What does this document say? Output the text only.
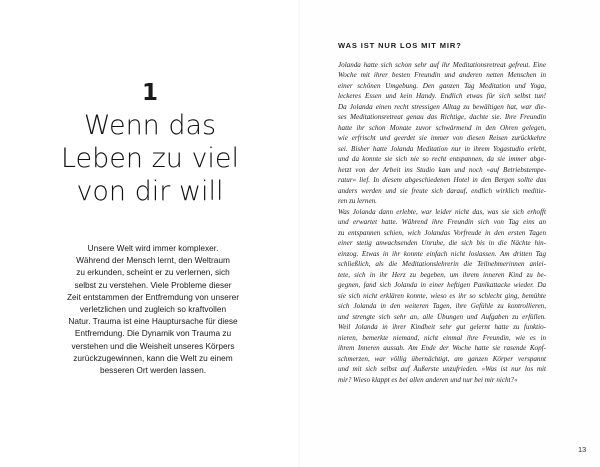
1
Wenn das
Leben zu viel
von dir will
Unsere Welt wird immer komplexer.
Während der Mensch lernt, den Weltraum
zu erkunden, scheint er zu verlernen, sich
selbst zu verstehen. Viele Probleme dieser
Zeit entstammen der Entfremdung von unserer
verletzlichen und zugleich so kraftvollen
Natur. Trauma ist eine Hauptursache für diese
Entfremdung. Die Dynamik von Trauma zu
verstehen und die Weisheit unseres Körpers
zurückzugewinnen, kann die Welt zu einem
besseren Ort werden lassen.
WAS IST NUR LOS MIT MIR?
Jolanda hatte sich schon sehr auf ihr Meditationsretreat gefreut. Eine
Woche mit ihrer besten Freundin und anderen netten Menschen in
einer schönen Umgebung. Den ganzen Tag Meditation und Yoga,
leckeres Essen und kein Handy. Endlich etwas für sich selbst tun!
Da Jolanda einen recht stressigen Alltag zu bewältigen hat, war die-
ses Meditationsretreat genau das Richtige, dachte sie. Ihre Freundin
hatte ihr schon Monate zuvor schwärmend in den Ohren gelegen,
wie erfrischt und geerdet sie immer von diesen Reisen zurückkehre
sei. Bisher hatte Jolanda Meditation nur in ihrem Yogastudio erlebt,
und da konnte sie sich nie so recht entspannen, da sie immer abge-
hetzt von der Arbeit ins Studio kam und noch »auf Betriebstempe-
ratur« lief. In diesem abgeschiedenen Hotel in den Bergen sollte das
anders werden und sie freute sich darauf, endlich wirklich meditie-
ren zu lernen.
Was Jolanda dann erlebte, war leider nicht das, was sie sich erhofft
und erwartet hatte. Während ihre Freundin sich von Tag eins an
zu entspannen schien, wich Jolandas Vorfreude in den ersten Tagen
einer stetig anwachsenden Unruhe, die sich bis in die Nächte hin-
einzog. Etwas in ihr konnte einfach nicht loslassen. Am dritten Tag
schließlich, als die Meditationslehrerin die Teilnehmerinnen anlei-
tete, sich in ihr Herz zu begeben, um ihrem inneren Kind zu be-
gegnen, fand sich Jolanda in einer heftigen Panikattacke wieder. Da
sie sich nicht erklären konnte, wieso es ihr so schlecht ging, bemühte
sich Jolanda in den weiteren Tagen, ihre Gefühle zu kontrollieren,
und strengte sich sehr an, alle Übungen und Aufgaben zu erfüllen.
Weil Jolanda in ihrer Kindheit sehr gut gelernt hatte zu funktio-
nieren, bemerkte niemand, nicht einmal ihre Freundin, wie es in
ihrem Inneren aussah. Am Ende der Woche hatte sie rasende Kopf-
schmerzen, war völlig übernächtigt, am ganzen Körper verspannt
und mit sich selbst auf Äußerste unzufrieden. »Was ist nur los mit
mir? Wieso klappt es bei allen anderen und nur bei mir nicht?«
13
